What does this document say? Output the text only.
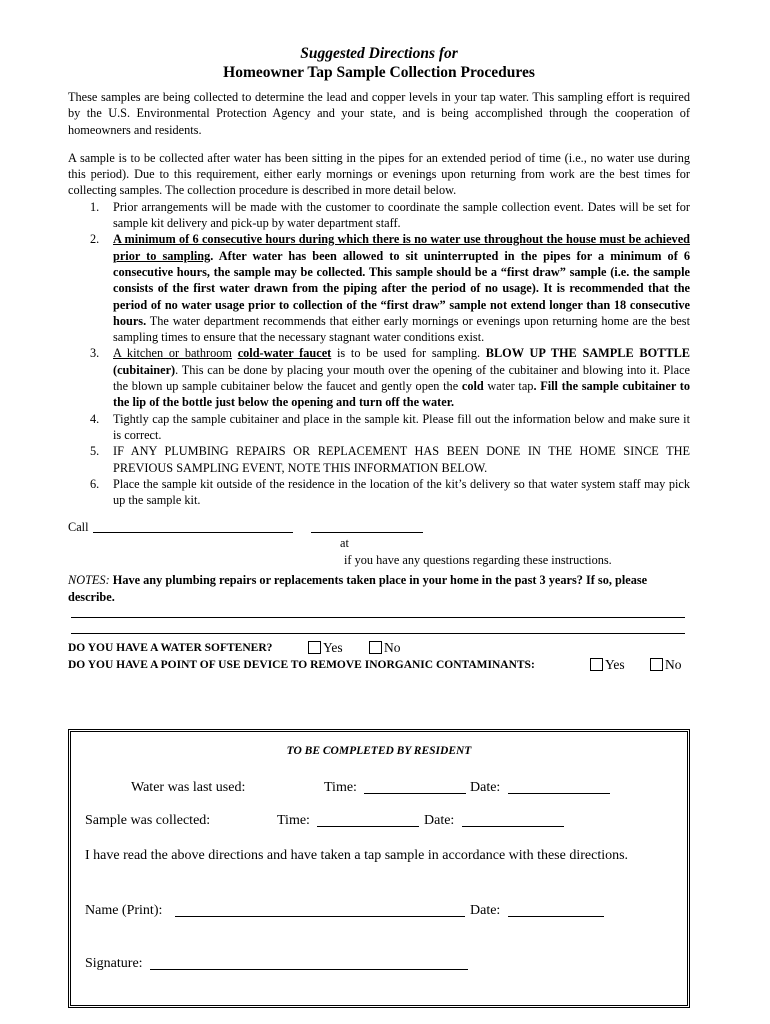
Suggested Directions for

Homeowner Tap Sample Collection Procedures

These samples are being collected to determine the lead and copper levels in your tap water. This sampling effort is required by the U.S. Environmental Protection Agency and your state, and is being accomplished through the cooperation of homeowners and residents.

A sample is to be collected after water has been sitting in the pipes for an extended period of time (i.e., no water use during this period). Due to this requirement, either early mornings or evenings upon returning from work are the best times for collecting samples. The collection procedure is described in more detail below.

1. Prior arrangements will be made with the customer to coordinate the sample collection event. Dates will be set for sample kit delivery and pick-up by water department staff.
2. A minimum of 6 consecutive hours during which there is no water use throughout the house must be achieved prior to sampling. After water has been allowed to sit uninterrupted in the pipes for a minimum of 6 consecutive hours, the sample may be collected. This sample should be a “first draw” sample (i.e. the sample consists of the first water drawn from the piping after the period of no usage). It is recommended that the period of no water usage prior to collection of the “first draw” sample not extend longer than 18 consecutive hours. The water department recommends that either early mornings or evenings upon returning home are the best sampling times to ensure that the necessary stagnant water conditions exist.
3. A kitchen or bathroom cold-water faucet is to be used for sampling. BLOW UP THE SAMPLE BOTTLE (cubitainer). This can be done by placing your mouth over the opening of the cubitainer and blowing into it. Place the blown up sample cubitainer below the faucet and gently open the cold water tap. Fill the sample cubitainer to the lip of the bottle just below the opening and turn off the water.
4. Tightly cap the sample cubitainer and place in the sample kit. Please fill out the information below and make sure it is correct.
5. IF ANY PLUMBING REPAIRS OR REPLACEMENT HAS BEEN DONE IN THE HOME SINCE THE PREVIOUS SAMPLING EVENT, NOTE THIS INFORMATION BELOW.
6. Place the sample kit outside of the residence in the location of the kit’s delivery so that water system staff may pick up the sample kit.
Call
at
if you have any questions regarding these instructions.

NOTES: Have any plumbing repairs or replacements taken place in your home in the past 3 years? If so, please describe.

DO YOU HAVE A WATER SOFTENER?	Yes	No
DO YOU HAVE A POINT OF USE DEVICE TO REMOVE INORGANIC CONTAMINANTS:	Yes	No
TO BE COMPLETED BY RESIDENT
Water was last used:	Time:	Date:
Sample was collected:	Time:	Date:
I have read the above directions and have taken a tap sample in accordance with these directions.
Name (Print):	Date:
Signature:
